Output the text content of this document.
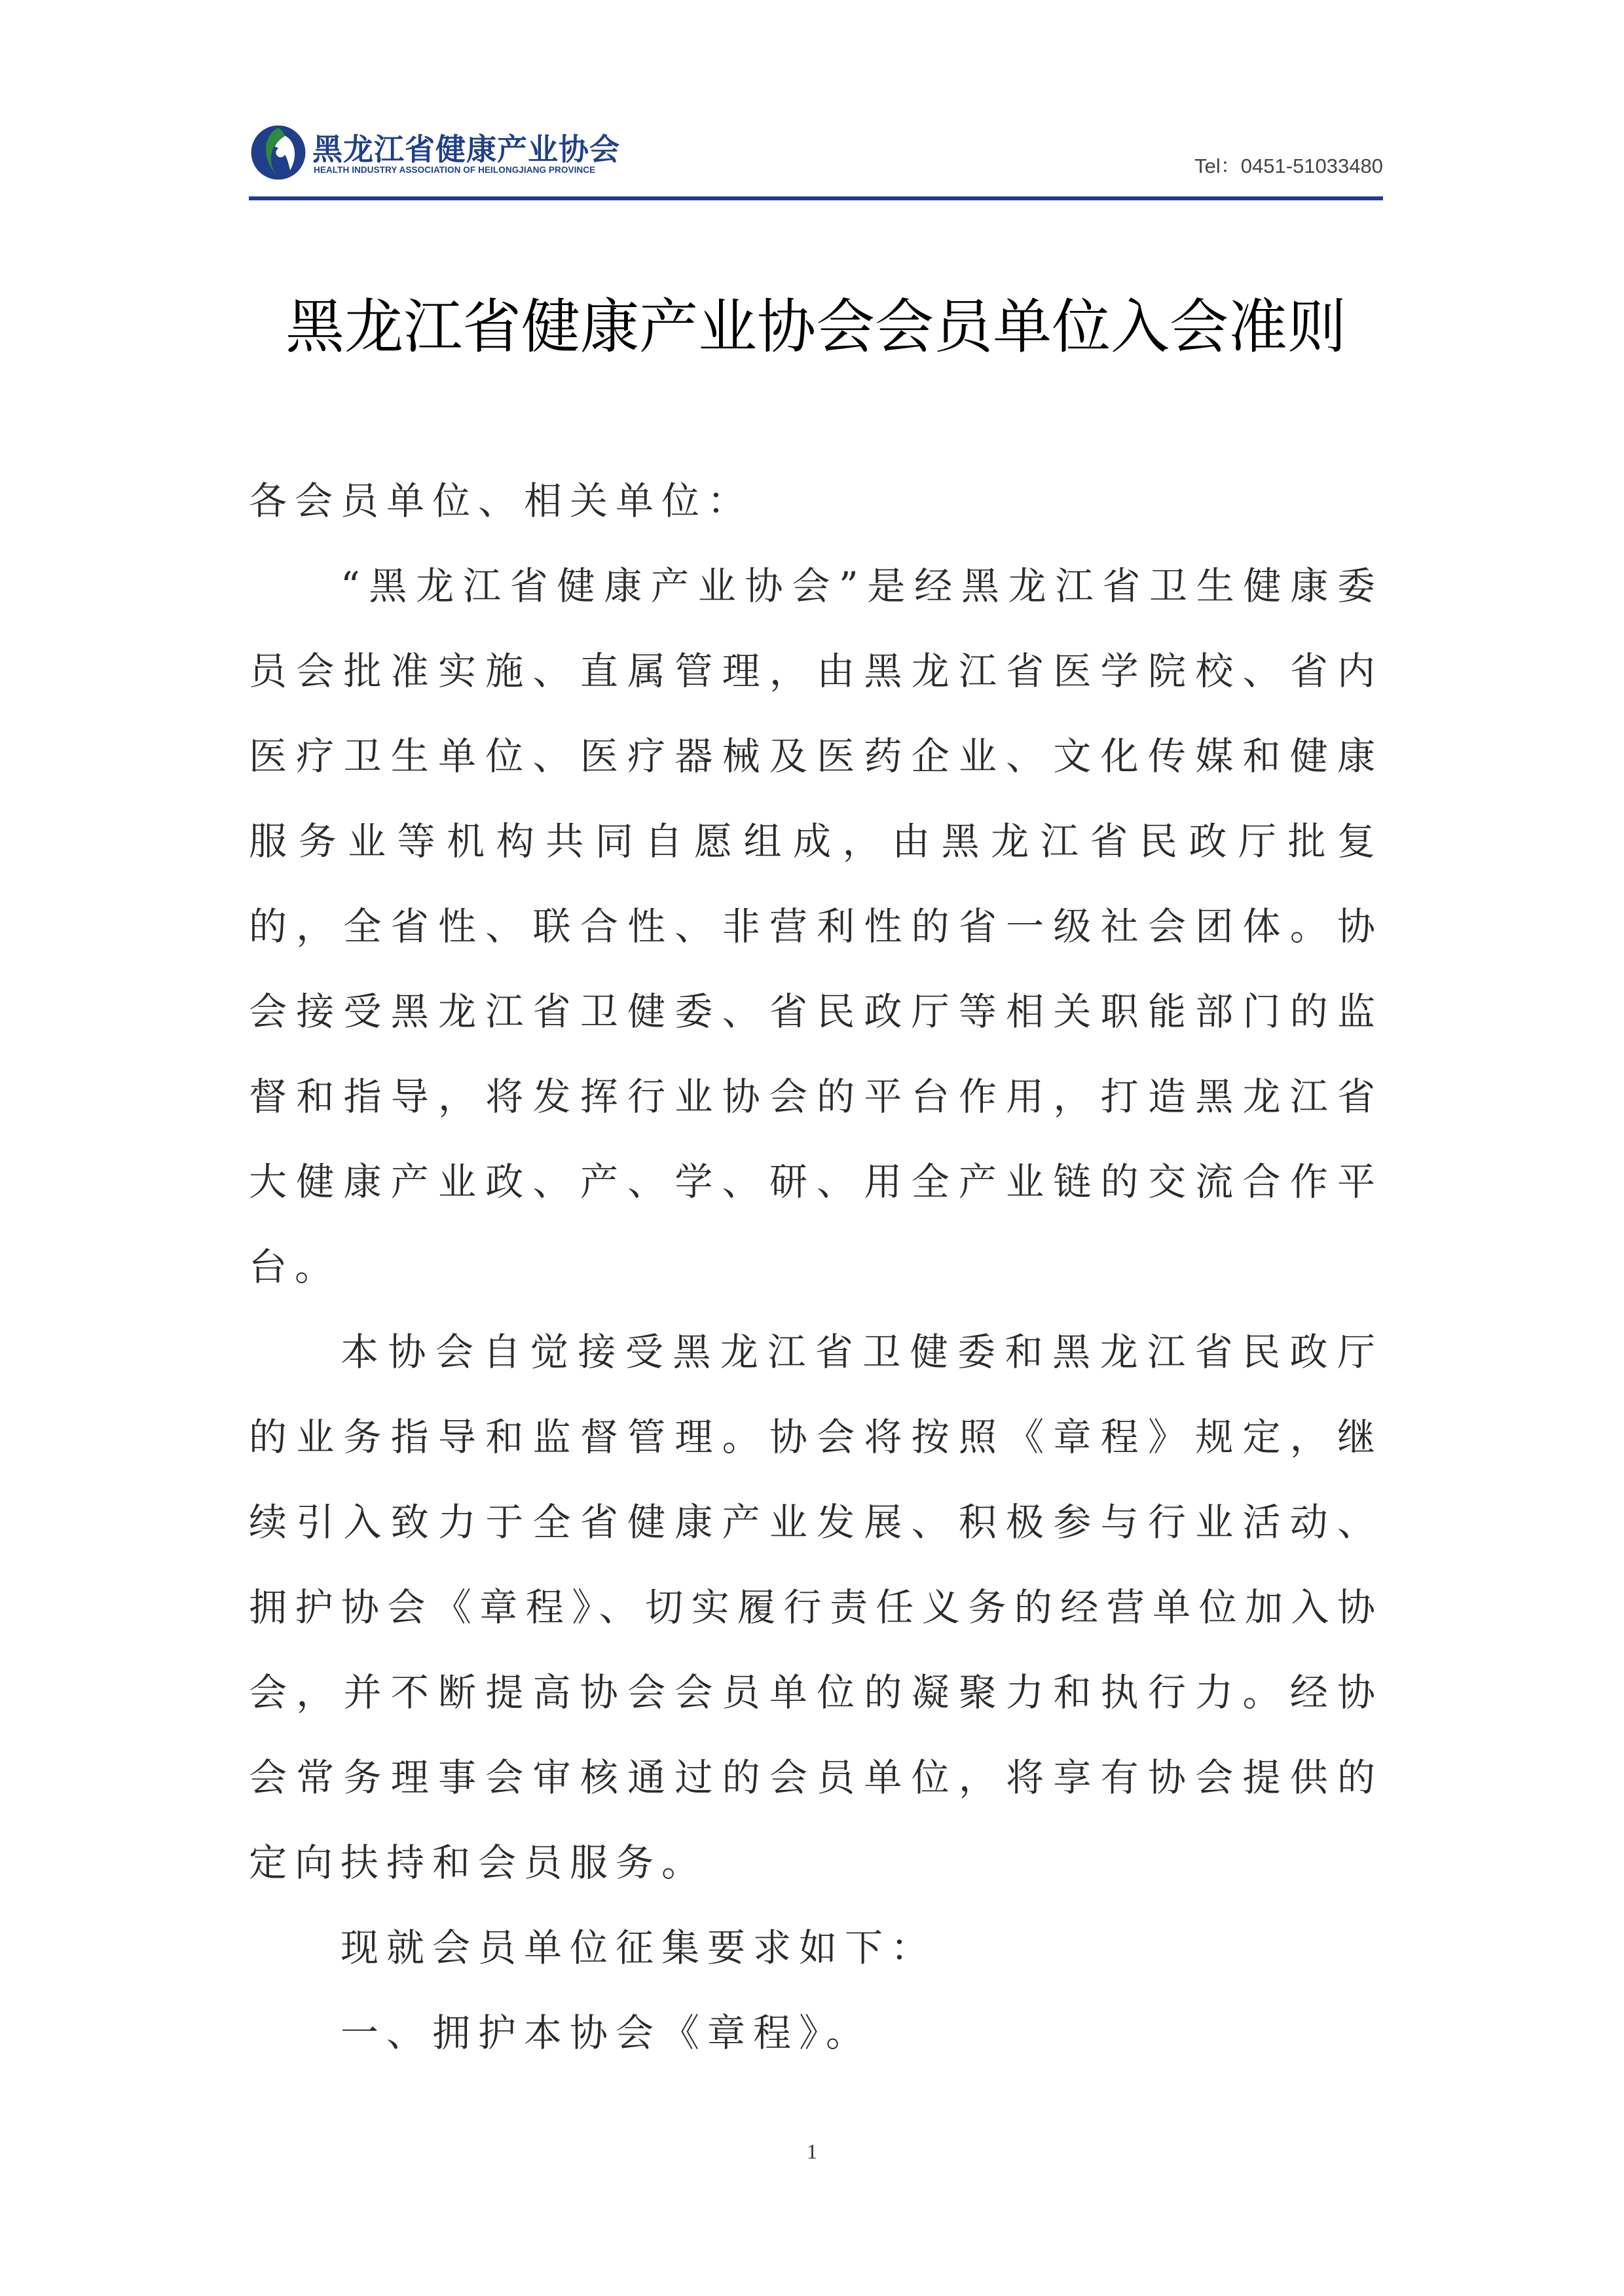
黑龙江省健康产业协会
HEALTH INDUSTRY ASSOCIATION OF HEILONGJIANG PROVINCE	Tel：0451-51033480
黑龙江省健康产业协会会员单位入会准则

各会员单位、相关单位：

“黑龙江省健康产业协会”是经黑龙江省卫生健康委员会批准实施、直属管理，由黑龙江省医学院校、省内医疗卫生单位、医疗器械及医药企业、文化传媒和健康服务业等机构共同自愿组成，由黑龙江省民政厅批复的，全省性、联合性、非营利性的省一级社会团体。协会接受黑龙江省卫健委、省民政厅等相关职能部门的监督和指导，将发挥行业协会的平台作用，打造黑龙江省大健康产业政、产、学、研、用全产业链的交流合作平台。

本协会自觉接受黑龙江省卫健委和黑龙江省民政厅的业务指导和监督管理。协会将按照《章程》规定，继续引入致力于全省健康产业发展、积极参与行业活动、拥护协会《章程》、切实履行责任义务的经营单位加入协会，并不断提高协会会员单位的凝聚力和执行力。经协会常务理事会审核通过的会员单位，将享有协会提供的定向扶持和会员服务。

现就会员单位征集要求如下：

一、拥护本协会《章程》。

1
